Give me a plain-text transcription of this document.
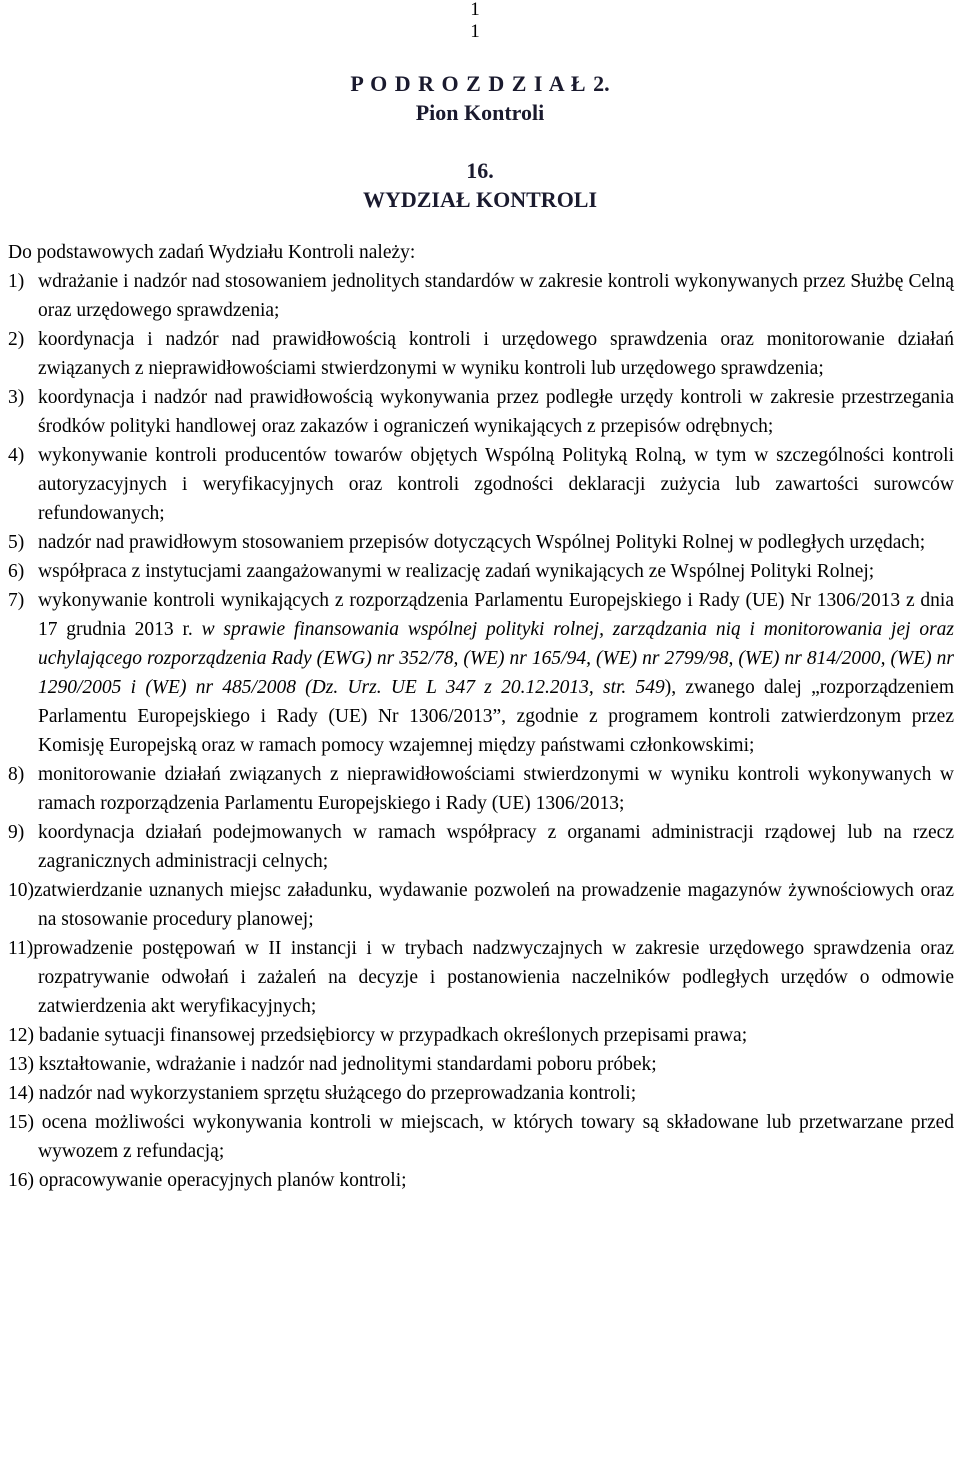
1
1
P O D R O Z D Z I A Ł 2.
Pion Kontroli
16.
WYDZIAŁ KONTROLI
Do podstawowych zadań Wydziału Kontroli należy:
1) wdrażanie i nadzór nad stosowaniem jednolitych standardów w zakresie kontroli wykonywanych przez Służbę Celną oraz urzędowego sprawdzenia;
2) koordynacja i nadzór nad prawidłowością kontroli i urzędowego sprawdzenia oraz monitorowanie działań związanych z nieprawidłowościami stwierdzonymi w wyniku kontroli lub urzędowego sprawdzenia;
3) koordynacja i nadzór nad prawidłowością wykonywania przez podległe urzędy kontroli w zakresie przestrzegania środków polityki handlowej oraz zakazów i ograniczeń wynikających z przepisów odrębnych;
4) wykonywanie kontroli producentów towarów objętych Wspólną Polityką Rolną, w tym w szczególności kontroli autoryzacyjnych i weryfikacyjnych oraz kontroli zgodności deklaracji zużycia lub zawartości surowców refundowanych;
5) nadzór nad prawidłowym stosowaniem przepisów dotyczących Wspólnej Polityki Rolnej w podległych urzędach;
6) współpraca z instytucjami zaangażowanymi w realizację zadań wynikających ze Wspólnej Polityki Rolnej;
7) wykonywanie kontroli wynikających z rozporządzenia Parlamentu Europejskiego i Rady (UE) Nr 1306/2013 z dnia 17 grudnia 2013 r. w sprawie finansowania wspólnej polityki rolnej, zarządzania nią i monitorowania jej oraz uchylającego rozporządzenia Rady (EWG) nr 352/78, (WE) nr 165/94, (WE) nr 2799/98, (WE) nr 814/2000, (WE) nr 1290/2005 i (WE) nr 485/2008 (Dz. Urz. UE L 347 z 20.12.2013, str. 549), zwanego dalej „rozporządzeniem Parlamentu Europejskiego i Rady (UE) Nr 1306/2013”, zgodnie z programem kontroli zatwierdzonym przez Komisję Europejską oraz w ramach pomocy wzajemnej między państwami członkowskimi;
8) monitorowanie działań związanych z nieprawidłowościami stwierdzonymi w wyniku kontroli wykonywanych w ramach rozporządzenia Parlamentu Europejskiego i Rady (UE) 1306/2013;
9) koordynacja działań podejmowanych w ramach współpracy z organami administracji rządowej lub na rzecz zagranicznych administracji celnych;
10)zatwierdzanie uznanych miejsc załadunku, wydawanie pozwoleń na prowadzenie magazynów żywnościowych oraz na stosowanie procedury planowej;
11)prowadzenie postępowań w II instancji i w trybach nadzwyczajnych w zakresie urzędowego sprawdzenia oraz rozpatrywanie odwołań i zażaleń na decyzje i postanowienia naczelników podległych urzędów o odmowie zatwierdzenia akt weryfikacyjnych;
12) badanie sytuacji finansowej przedsiębiorcy w przypadkach określonych przepisami prawa;
13) kształtowanie, wdrażanie i nadzór nad jednolitymi standardami poboru próbek;
14) nadzór nad wykorzystaniem sprzętu służącego do przeprowadzania kontroli;
15) ocena możliwości wykonywania kontroli w miejscach, w których towary są składowane lub przetwarzane przed wywozem z refundacją;
16) opracowywanie operacyjnych planów kontroli;
